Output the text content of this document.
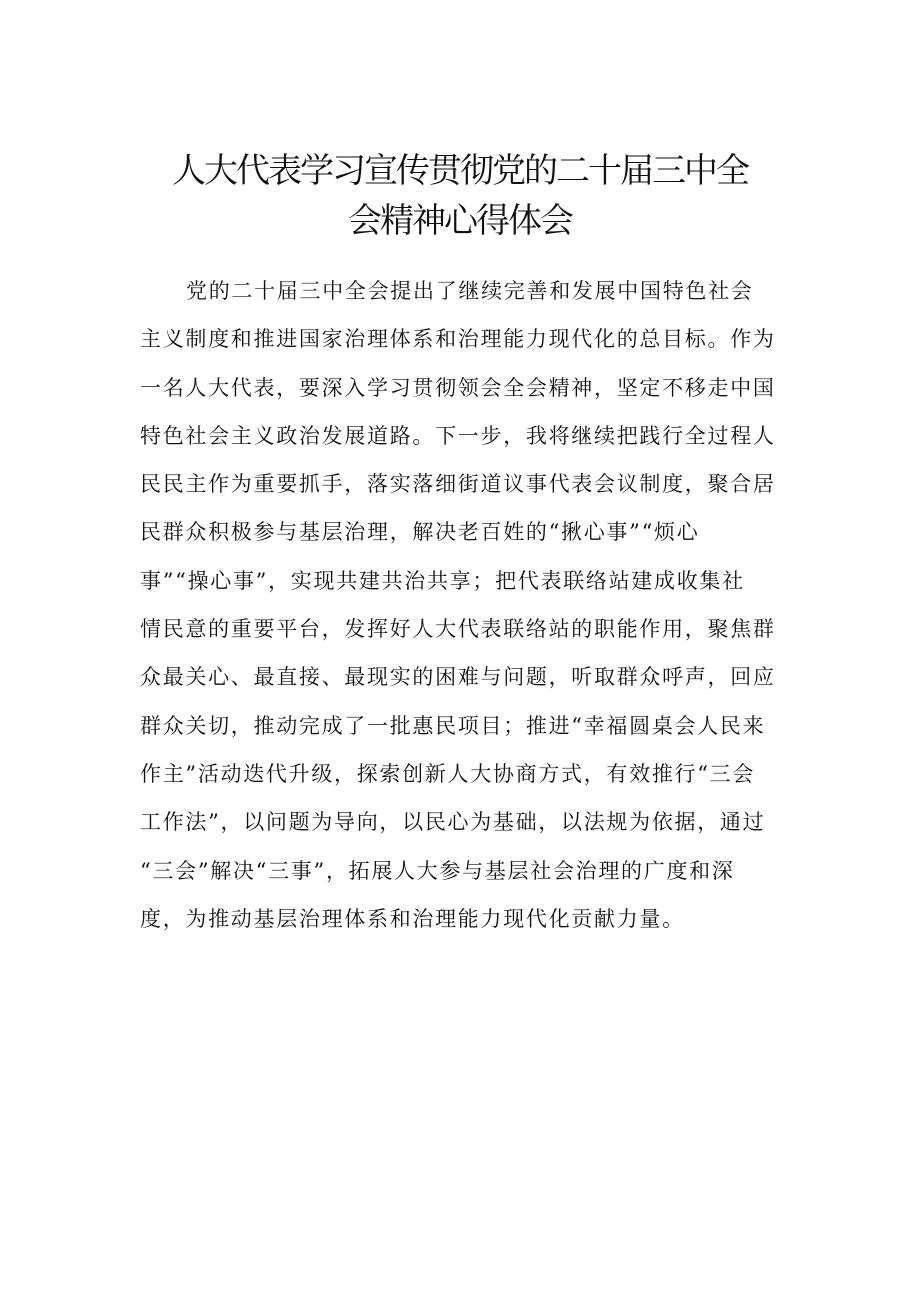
人大代表学习宣传贯彻党的二十届三中全
会精神心得体会
党的二十届三中全会提出了继续完善和发展中国特色社会
主义制度和推进国家治理体系和治理能力现代化的总目标。作为
一名人大代表，要深入学习贯彻领会全会精神，坚定不移走中国
特色社会主义政治发展道路。下一步，我将继续把践行全过程人
民民主作为重要抓手，落实落细街道议事代表会议制度，聚合居
民群众积极参与基层治理，解决老百姓的“揪心事”“烦心
事”“操心事”，实现共建共治共享；把代表联络站建成收集社
情民意的重要平台，发挥好人大代表联络站的职能作用，聚焦群
众最关心、最直接、最现实的困难与问题，听取群众呼声，回应
群众关切，推动完成了一批惠民项目；推进“幸福圆桌会人民来
作主”活动迭代升级，探索创新人大协商方式，有效推行“三会
工作法”，以问题为导向，以民心为基础，以法规为依据，通过
“三会”解决“三事”，拓展人大参与基层社会治理的广度和深
度，为推动基层治理体系和治理能力现代化贡献力量。
